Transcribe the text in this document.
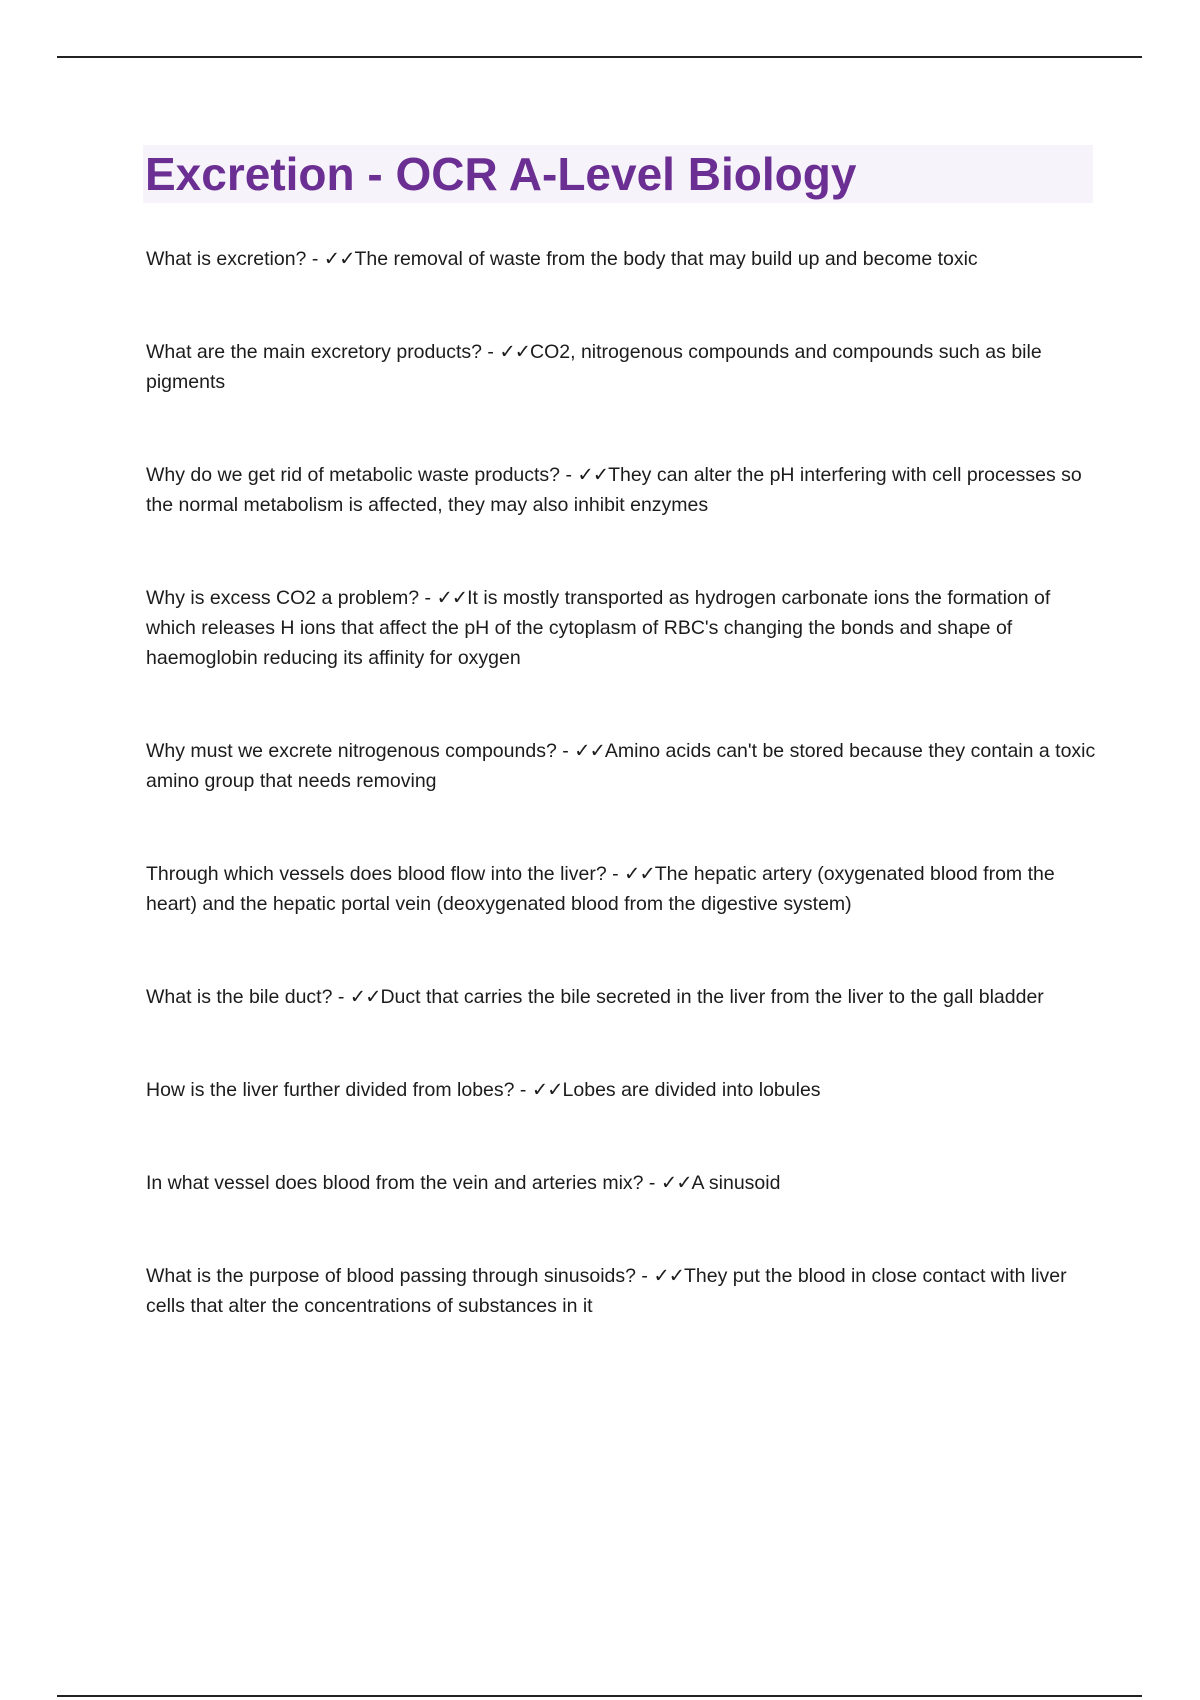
Excretion - OCR A-Level Biology

What is excretion? - ✓✓The removal of waste from the body that may build up and become toxic

What are the main excretory products? - ✓✓CO2, nitrogenous compounds and compounds such as bile pigments

Why do we get rid of metabolic waste products? - ✓✓They can alter the pH interfering with cell processes so the normal metabolism is affected, they may also inhibit enzymes

Why is excess CO2 a problem? - ✓✓It is mostly transported as hydrogen carbonate ions the formation of which releases H ions that affect the pH of the cytoplasm of RBC's changing the bonds and shape of haemoglobin reducing its affinity for oxygen

Why must we excrete nitrogenous compounds? - ✓✓Amino acids can't be stored because they contain a toxic amino group that needs removing

Through which vessels does blood flow into the liver? - ✓✓The hepatic artery (oxygenated blood from the heart) and the hepatic portal vein (deoxygenated blood from the digestive system)

What is the bile duct? - ✓✓Duct that carries the bile secreted in the liver from the liver to the gall bladder

How is the liver further divided from lobes? - ✓✓Lobes are divided into lobules

In what vessel does blood from the vein and arteries mix? - ✓✓A sinusoid

What is the purpose of blood passing through sinusoids? - ✓✓They put the blood in close contact with liver cells that alter the concentrations of substances in it
